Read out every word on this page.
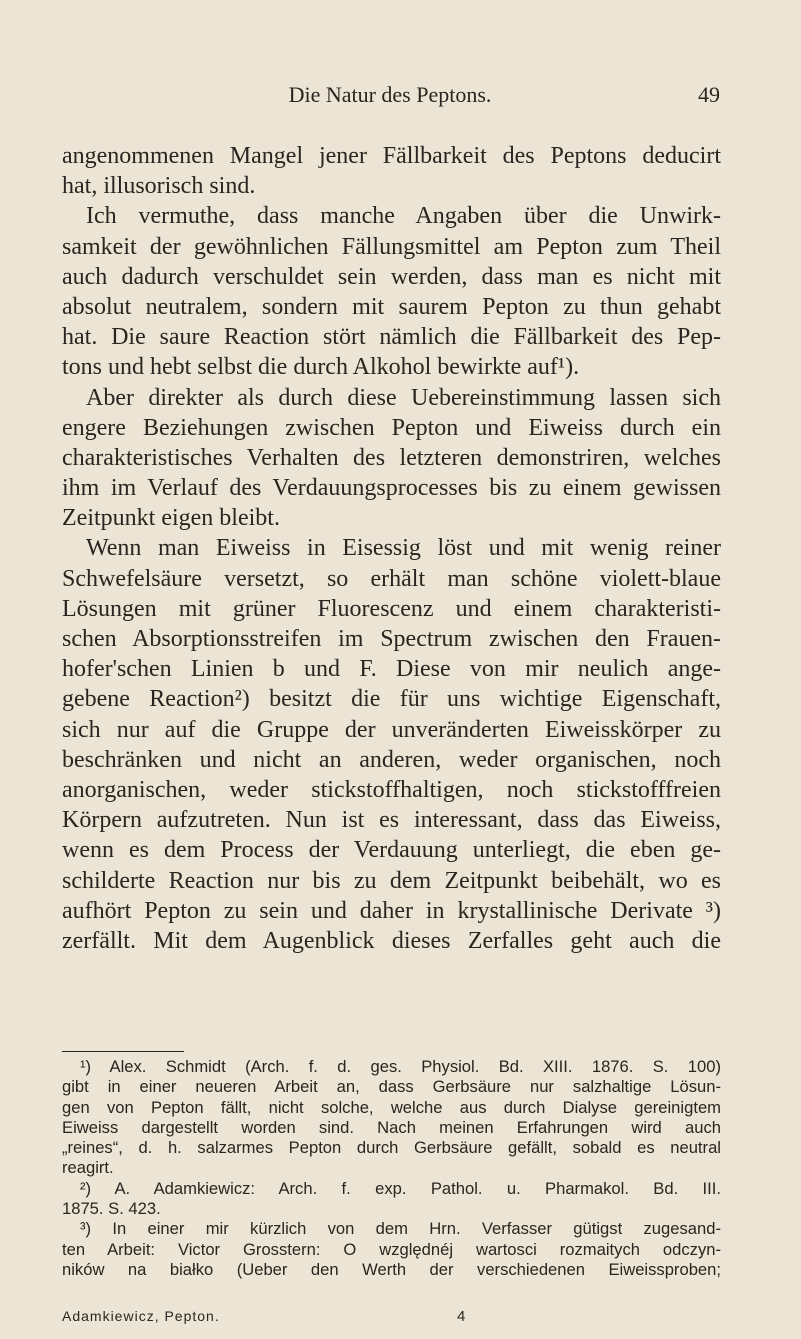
Die Natur des Peptons.	49
angenommenen Mangel jener Fällbarkeit des Peptons deducirt
hat, illusorisch sind.
Ich vermuthe, dass manche Angaben über die Unwirk-
samkeit der gewöhnlichen Fällungsmittel am Pepton zum Theil
auch dadurch verschuldet sein werden, dass man es nicht mit
absolut neutralem, sondern mit saurem Pepton zu thun gehabt
hat. Die saure Reaction stört nämlich die Fällbarkeit des Pep-
tons und hebt selbst die durch Alkohol bewirkte auf¹).
Aber direkter als durch diese Uebereinstimmung lassen sich
engere Beziehungen zwischen Pepton und Eiweiss durch ein
charakteristisches Verhalten des letzteren demonstriren, welches
ihm im Verlauf des Verdauungsprocesses bis zu einem gewissen
Zeitpunkt eigen bleibt.
Wenn man Eiweiss in Eisessig löst und mit wenig reiner
Schwefelsäure versetzt, so erhält man schöne violett-blaue
Lösungen mit grüner Fluorescenz und einem charakteristi-
schen Absorptionsstreifen im Spectrum zwischen den Frauen-
hofer'schen Linien b und F. Diese von mir neulich ange-
gebene Reaction²) besitzt die für uns wichtige Eigenschaft,
sich nur auf die Gruppe der unveränderten Eiweisskörper zu
beschränken und nicht an anderen, weder organischen, noch
anorganischen, weder stickstoffhaltigen, noch stickstofffreien
Körpern aufzutreten. Nun ist es interessant, dass das Eiweiss,
wenn es dem Process der Verdauung unterliegt, die eben ge-
schilderte Reaction nur bis zu dem Zeitpunkt beibehält, wo es
aufhört Pepton zu sein und daher in krystallinische Derivate ³)
zerfällt. Mit dem Augenblick dieses Zerfalles geht auch die
¹) Alex. Schmidt (Arch. f. d. ges. Physiol. Bd. XIII. 1876. S. 100)
gibt in einer neueren Arbeit an, dass Gerbsäure nur salzhaltige Lösun-
gen von Pepton fällt, nicht solche, welche aus durch Dialyse gereinigtem
Eiweiss dargestellt worden sind. Nach meinen Erfahrungen wird auch
„reines“, d. h. salzarmes Pepton durch Gerbsäure gefällt, sobald es neutral
reagirt.
²) A. Adamkiewicz: Arch. f. exp. Pathol. u. Pharmakol. Bd. III.
1875. S. 423.
³) In einer mir kürzlich von dem Hrn. Verfasser gütigst zugesand-
ten Arbeit: Victor Grosstern: O względnéj wartosci rozmaitych odczyn-
ników na białko (Ueber den Werth der verschiedenen Eiweissproben;
Adamkiewicz, Pepton.	4
